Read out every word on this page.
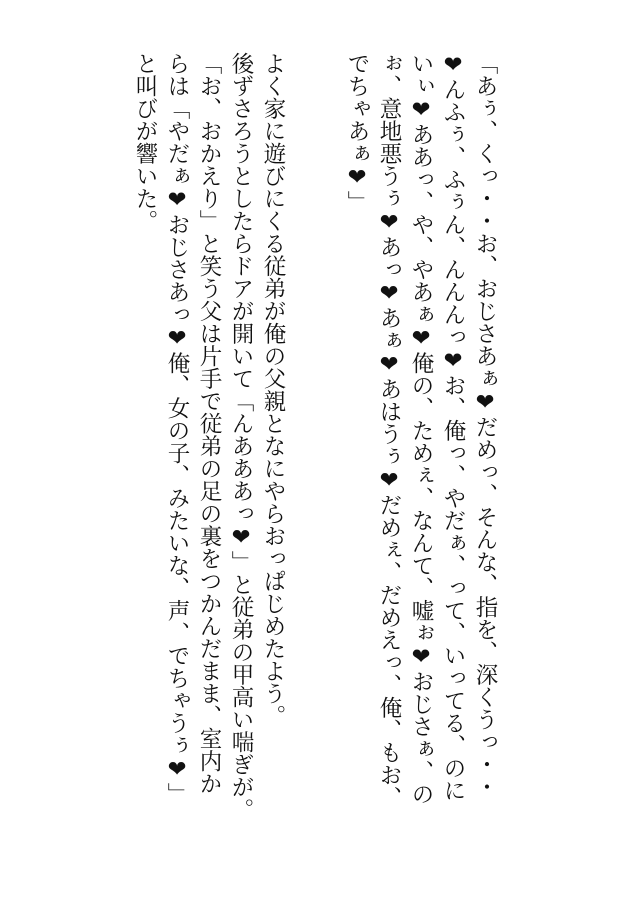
「あぅ、くっ・・お、おじさあぁ❤だめっ、そんな、指を、深くうっ・・
❤んふぅ、ふぅん、んんんっ❤お、俺っ、やだぁ、って、いってる、のに
いぃ❤ああっ、や、やあぁ❤俺の、ためぇ、なんて、嘘ぉ❤おじさぁ、の
ぉ、意地悪うぅ❤あっ❤あぁ❤あはうぅ❤だめぇ、だめえっ、俺、もお、
でちゃあぁ❤」
よく家に遊びにくる従弟が俺の父親となにやらおっぱじめたよう。
後ずさろうとしたらドアが開いて「んあああっ❤」と従弟の甲高い喘ぎが。
「お、おかえり」と笑う父は片手で従弟の足の裏をつかんだまま、室内か
らは「やだぁ❤おじさあっ❤俺、女の子、みたいな、声、でちゃうぅ❤」
と叫びが響いた。
